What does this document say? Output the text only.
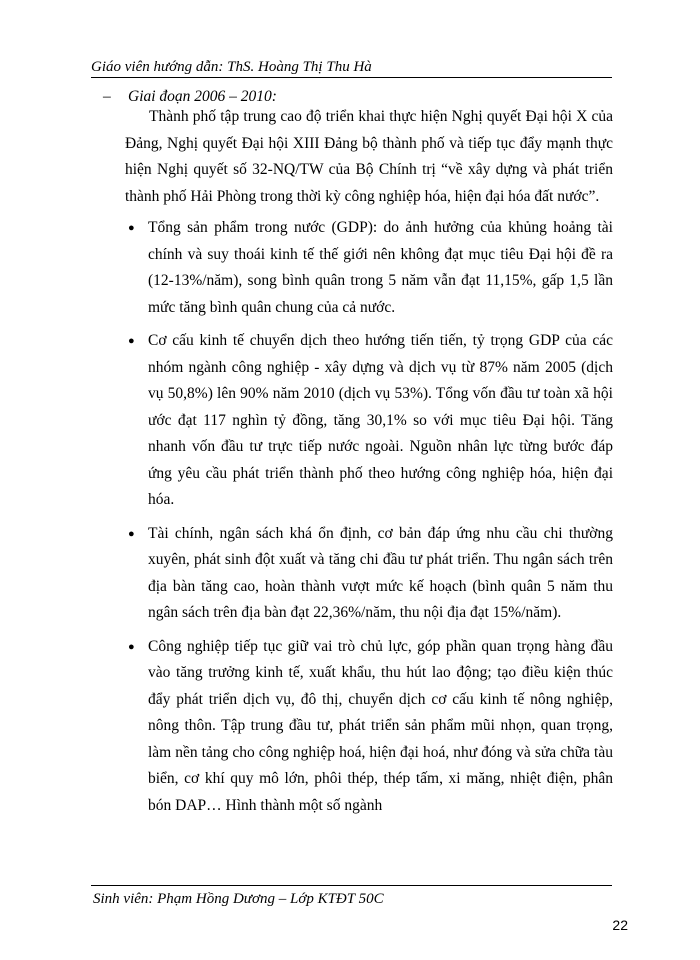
Giáo viên hướng dẫn: ThS. Hoàng Thị Thu Hà
– Giai đoạn 2006 – 2010:

Thành phố tập trung cao độ triển khai thực hiện Nghị quyết Đại hội X của Đảng, Nghị quyết Đại hội XIII Đảng bộ thành phố và tiếp tục đẩy mạnh thực hiện Nghị quyết số 32-NQ/TW của Bộ Chính trị “về xây dựng và phát triển thành phố Hải Phòng trong thời kỳ công nghiệp hóa, hiện đại hóa đất nước”.

● Tổng sản phẩm trong nước (GDP): do ảnh hưởng của khủng hoảng tài chính và suy thoái kinh tế thế giới nên không đạt mục tiêu Đại hội đề ra (12-13%/năm), song bình quân trong 5 năm vẫn đạt 11,15%, gấp 1,5 lần mức tăng bình quân chung của cả nước.

● Cơ cấu kinh tế chuyển dịch theo hướng tiến tiến, tỷ trọng GDP của các nhóm ngành công nghiệp - xây dựng và dịch vụ từ 87% năm 2005 (dịch vụ 50,8%) lên 90% năm 2010 (dịch vụ 53%). Tổng vốn đầu tư toàn xã hội ước đạt 117 nghìn tỷ đồng, tăng 30,1% so với mục tiêu Đại hội. Tăng nhanh vốn đầu tư trực tiếp nước ngoài. Nguồn nhân lực từng bước đáp ứng yêu cầu phát triển thành phố theo hướng công nghiệp hóa, hiện đại hóa.

● Tài chính, ngân sách khá ổn định, cơ bản đáp ứng nhu cầu chi thường xuyên, phát sinh đột xuất và tăng chi đầu tư phát triển. Thu ngân sách trên địa bàn tăng cao, hoàn thành vượt mức kế hoạch (bình quân 5 năm thu ngân sách trên địa bàn đạt 22,36%/năm, thu nội địa đạt 15%/năm).

● Công nghiệp tiếp tục giữ vai trò chủ lực, góp phần quan trọng hàng đầu vào tăng trưởng kinh tế, xuất khẩu, thu hút lao động; tạo điều kiện thúc đẩy phát triển dịch vụ, đô thị, chuyển dịch cơ cấu kinh tế nông nghiệp, nông thôn. Tập trung đầu tư, phát triển sản phẩm mũi nhọn, quan trọng, làm nền tảng cho công nghiệp hoá, hiện đại hoá, như đóng và sửa chữa tàu biển, cơ khí quy mô lớn, phôi thép, thép tấm, xi măng, nhiệt điện, phân bón DAP… Hình thành một số ngành

Sinh viên: Phạm Hồng Dương – Lớp KTĐT 50C
22
